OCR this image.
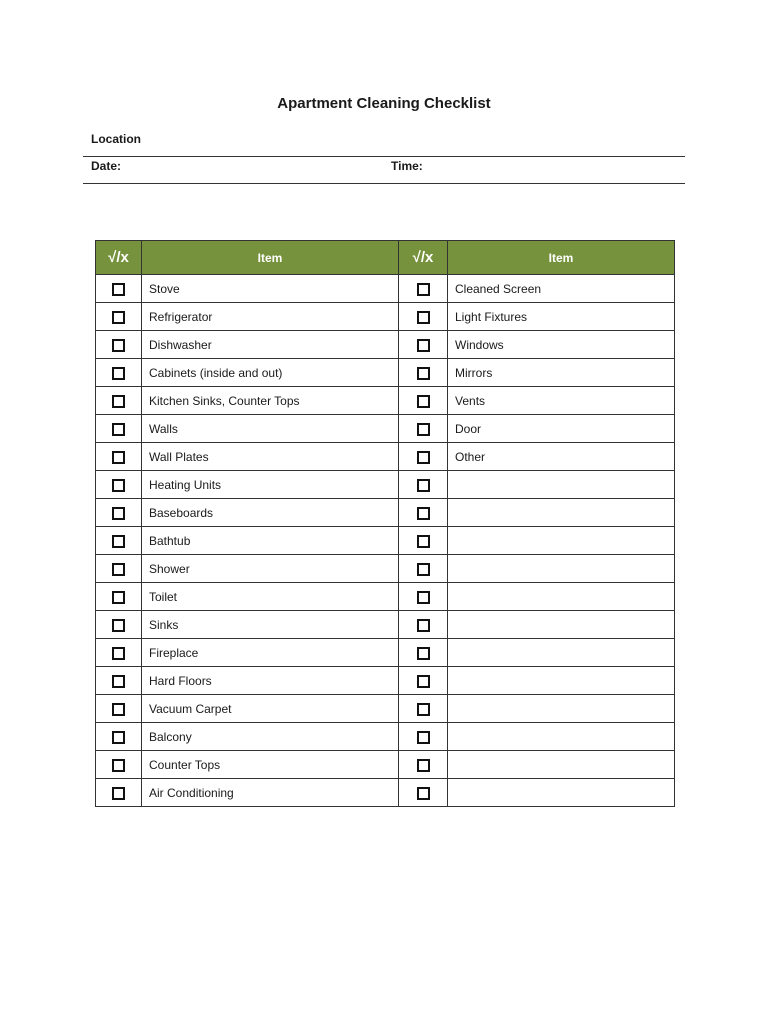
Apartment Cleaning Checklist
Location
Date:	Time:
√/x	Item	√/x	Item
	Stove		Cleaned Screen
	Refrigerator		Light Fixtures
	Dishwasher		Windows
	Cabinets (inside and out)		Mirrors
	Kitchen Sinks, Counter Tops		Vents
	Walls		Door
	Wall Plates		Other
	Heating Units		
	Baseboards		
	Bathtub		
	Shower		
	Toilet		
	Sinks		
	Fireplace		
	Hard Floors		
	Vacuum Carpet		
	Balcony		
	Counter Tops		
	Air Conditioning		
